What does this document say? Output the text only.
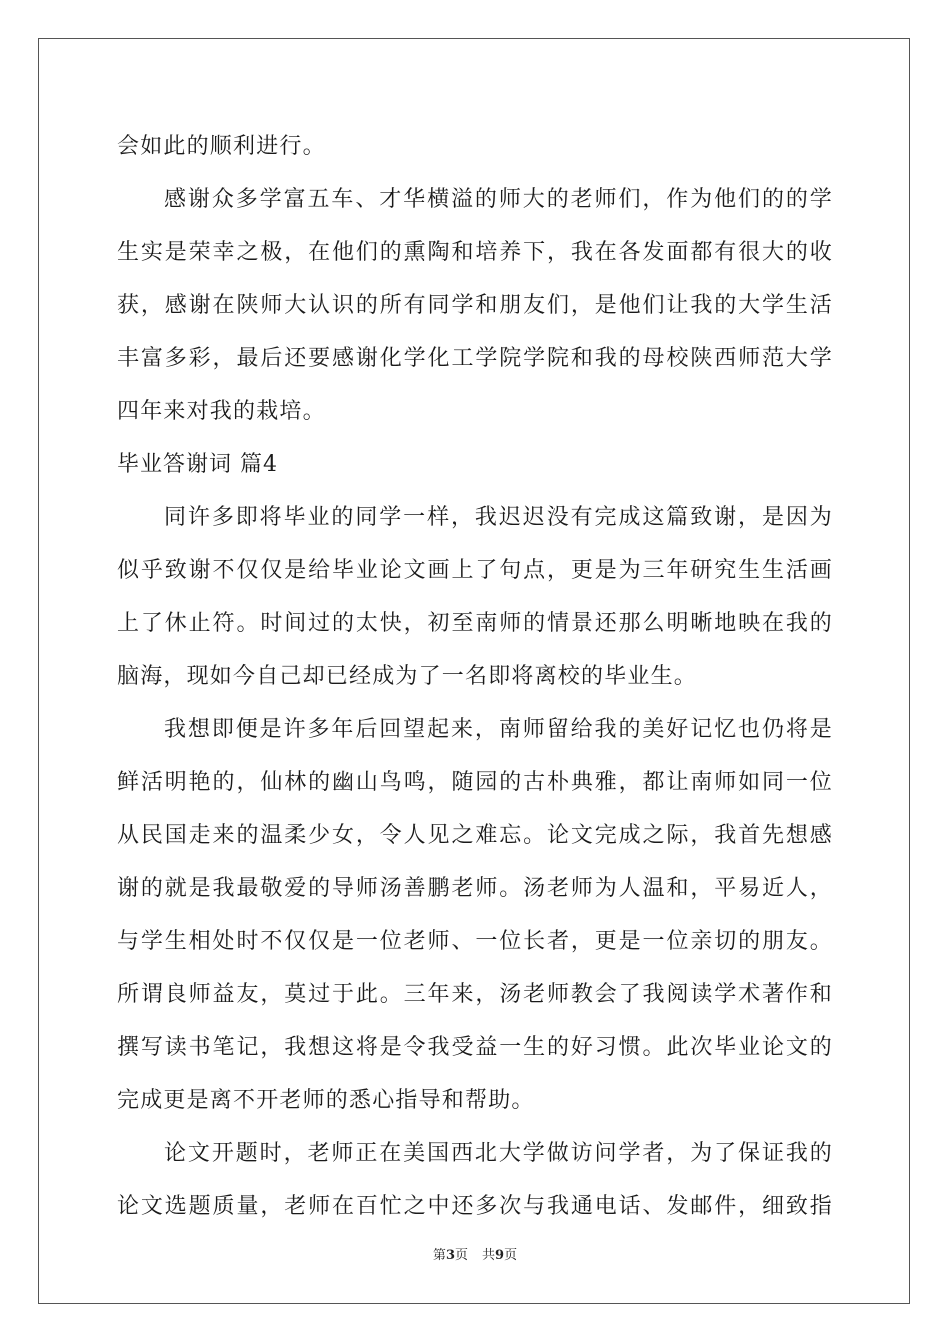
会如此的顺利进行。
感谢众多学富五车、才华横溢的师大的老师们，作为他们的的学
生实是荣幸之极，在他们的熏陶和培养下，我在各发面都有很大的收
获，感谢在陕师大认识的所有同学和朋友们，是他们让我的大学生活
丰富多彩，最后还要感谢化学化工学院学院和我的母校陕西师范大学
四年来对我的栽培。
毕业答谢词 篇4
同许多即将毕业的同学一样，我迟迟没有完成这篇致谢，是因为
似乎致谢不仅仅是给毕业论文画上了句点，更是为三年研究生生活画
上了休止符。时间过的太快，初至南师的情景还那么明晰地映在我的
脑海，现如今自己却已经成为了一名即将离校的毕业生。
我想即便是许多年后回望起来，南师留给我的美好记忆也仍将是
鲜活明艳的，仙林的幽山鸟鸣，随园的古朴典雅，都让南师如同一位
从民国走来的温柔少女，令人见之难忘。论文完成之际，我首先想感
谢的就是我最敬爱的导师汤善鹏老师。汤老师为人温和，平易近人，
与学生相处时不仅仅是一位老师、一位长者，更是一位亲切的朋友。
所谓良师益友，莫过于此。三年来，汤老师教会了我阅读学术著作和
撰写读书笔记，我想这将是令我受益一生的好习惯。此次毕业论文的
完成更是离不开老师的悉心指导和帮助。
论文开题时，老师正在美国西北大学做访问学者，为了保证我的
论文选题质量，老师在百忙之中还多次与我通电话、发邮件，细致指
第3页 共9页
